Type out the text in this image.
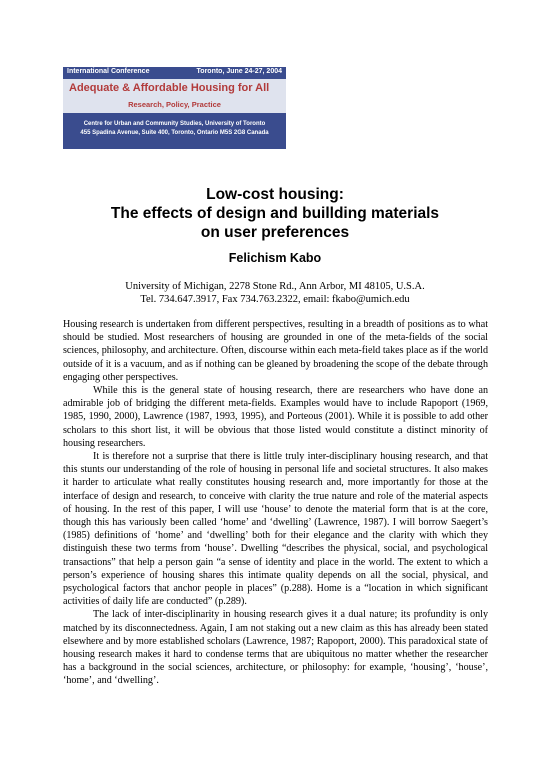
International Conference	Toronto, June 24-27, 2004
Adequate & Affordable Housing for All
Research, Policy, Practice
Centre for Urban and Community Studies, University of Toronto
455 Spadina Avenue, Suite 400, Toronto, Ontario M5S 2G8 Canada
Low-cost housing:
The effects of design and buillding materials
on user preferences
Felichism Kabo
University of Michigan, 2278 Stone Rd., Ann Arbor, MI 48105, U.S.A.
Tel. 734.647.3917, Fax 734.763.2322, email: fkabo@umich.edu

Housing research is undertaken from different perspectives, resulting in a breadth of positions as to what should be studied. Most researchers of housing are grounded in one of the meta-fields of the social sciences, philosophy, and architecture. Often, discourse within each meta-field takes place as if the world outside of it is a vacuum, and as if nothing can be gleaned by broadening the scope of the debate through engaging other perspectives.

While this is the general state of housing research, there are researchers who have done an admirable job of bridging the different meta-fields. Examples would have to include Rapoport (1969, 1985, 1990, 2000), Lawrence (1987, 1993, 1995), and Porteous (2001). While it is possible to add other scholars to this short list, it will be obvious that those listed would constitute a distinct minority of housing researchers.

It is therefore not a surprise that there is little truly inter-disciplinary housing research, and that this stunts our understanding of the role of housing in personal life and societal structures. It also makes it harder to articulate what really constitutes housing research and, more importantly for those at the interface of design and research, to conceive with clarity the true nature and role of the material aspects of housing. In the rest of this paper, I will use ‘house’ to denote the material form that is at the core, though this has variously been called ‘home’ and ‘dwelling’ (Lawrence, 1987). I will borrow Saegert’s (1985) definitions of ‘home’ and ‘dwelling’ both for their elegance and the clarity with which they distinguish these two terms from ‘house’. Dwelling “describes the physical, social, and psychological transactions” that help a person gain “a sense of identity and place in the world. The extent to which a person’s experience of housing shares this intimate quality depends on all the social, physical, and psychological factors that anchor people in places” (p.288). Home is a “location in which significant activities of daily life are conducted” (p.289).

The lack of inter-disciplinarity in housing research gives it a dual nature; its profundity is only matched by its disconnectedness. Again, I am not staking out a new claim as this has already been stated elsewhere and by more established scholars (Lawrence, 1987; Rapoport, 2000). This paradoxical state of housing research makes it hard to condense terms that are ubiquitous no matter whether the researcher has a background in the social sciences, architecture, or philosophy: for example, ‘housing’, ‘house’, ‘home’, and ‘dwelling’.
